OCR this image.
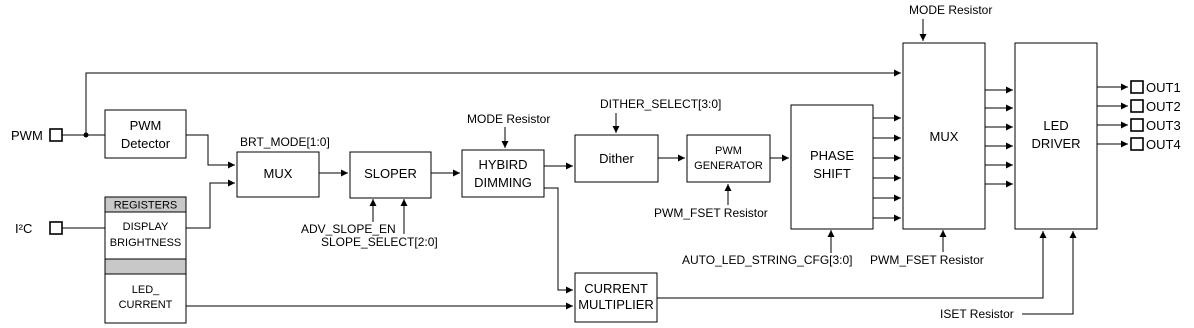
PWM
Detector
REGISTERS
DISPLAY
BRIGHTNESS
LED_
CURRENT
MUX	SLOPER
HYBIRD
DIMMING
Dither	PWM
GENERATOR
PHASE
SHIFT
MUX
LED
DRIVER
CURRENT
MULTIPLIER
PWM
I²C
OUT1
OUT2
OUT3
OUT4
BRT_MODE[1:0]
MODE Resistor
DITHER_SELECT[3:0]
MODE Resistor
ADV_SLOPE_EN
SLOPE_SELECT[2:0]
PWM_FSET Resistor
AUTO_LED_STRING_CFG[3:0] PWM_FSET Resistor
ISET Resistor
